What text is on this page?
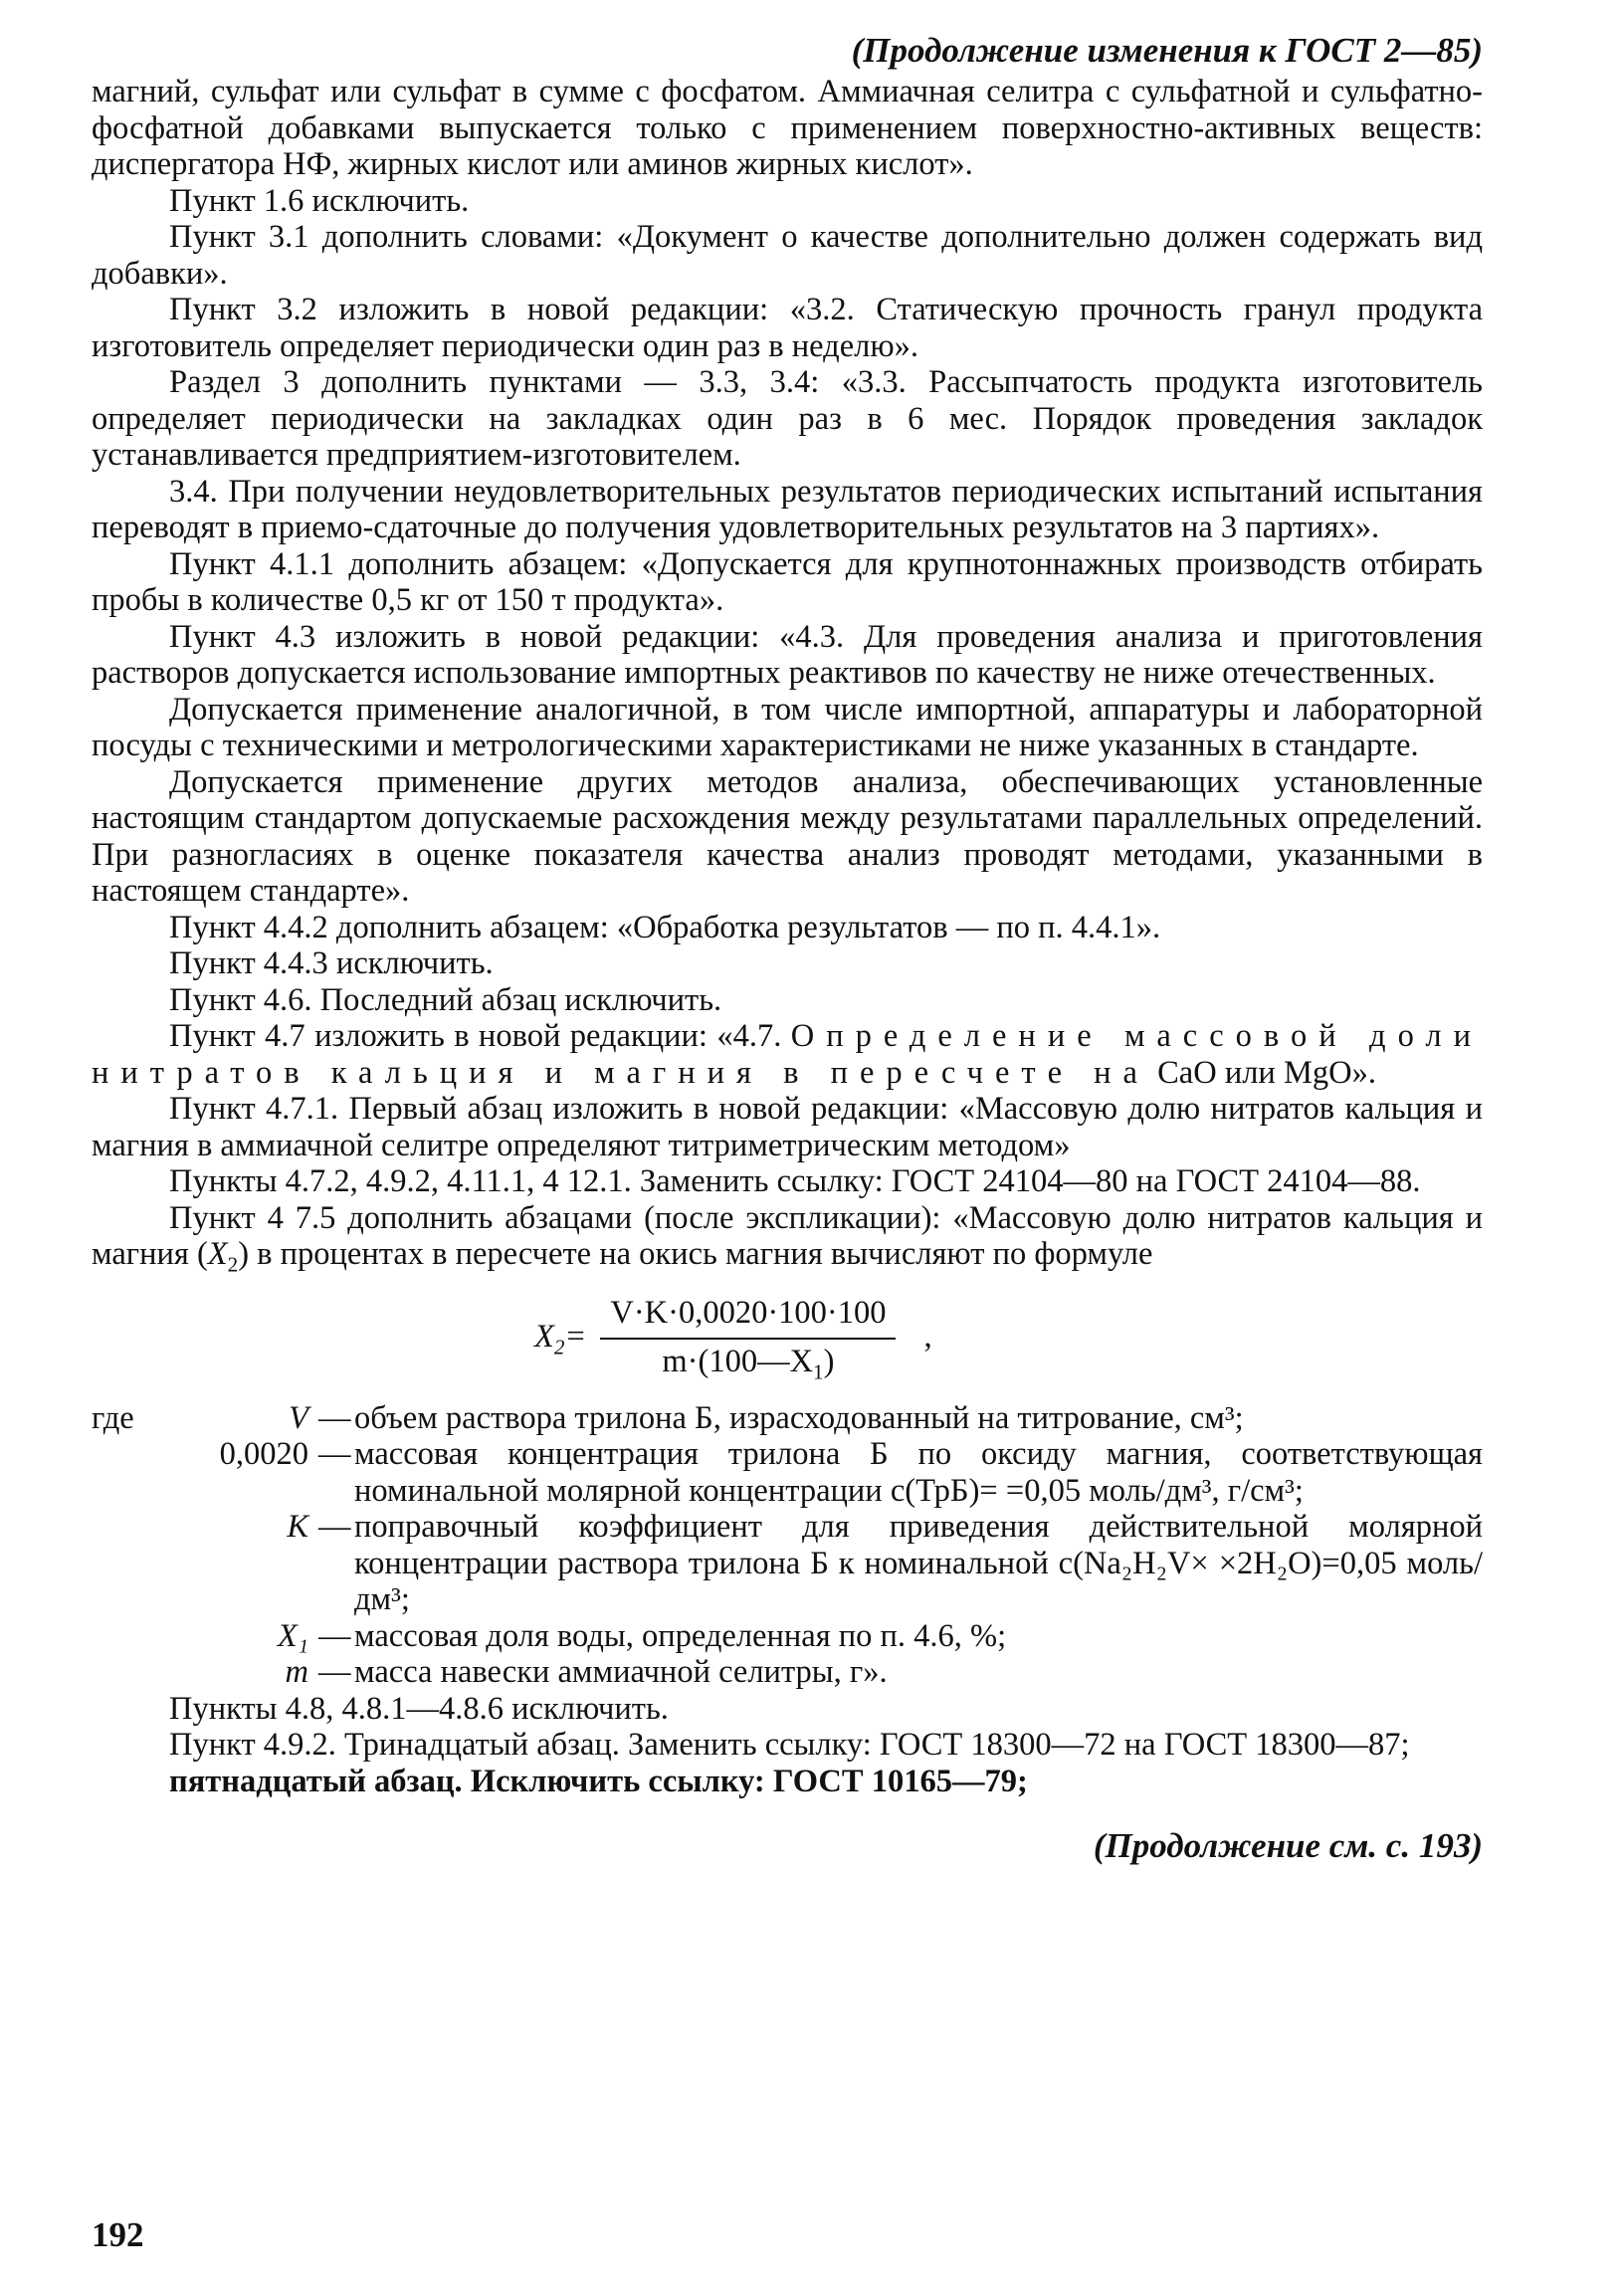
(Продолжение изменения к ГОСТ 2—85)

магний, сульфат или сульфат в сумме с фосфатом. Аммиачная селитра с сульфатной и сульфатно-фосфатной добавками выпускается только с применением поверхностно-активных веществ: диспергатора НФ, жирных кислот или аминов жирных кислот».

Пункт 1.6 исключить.

Пункт 3.1 дополнить словами: «Документ о качестве дополнительно должен содержать вид добавки».

Пункт 3.2 изложить в новой редакции: «3.2. Статическую прочность гранул продукта изготовитель определяет периодически один раз в неделю».

Раздел 3 дополнить пунктами — 3.3, 3.4: «3.3. Рассыпчатость продукта изготовитель определяет периодически на закладках один раз в 6 мес. Порядок проведения закладок устанавливается предприятием-изготовителем.

3.4. При получении неудовлетворительных результатов периодических испытаний испытания переводят в приемо-сдаточные до получения удовлетворительных результатов на 3 партиях».

Пункт 4.1.1 дополнить абзацем: «Допускается для крупнотоннажных производств отбирать пробы в количестве 0,5 кг от 150 т продукта».

Пункт 4.3 изложить в новой редакции: «4.3. Для проведения анализа и приготовления растворов допускается использование импортных реактивов по качеству не ниже отечественных.

Допускается применение аналогичной, в том числе импортной, аппаратуры и лабораторной посуды с техническими и метрологическими характеристиками не ниже указанных в стандарте.

Допускается применение других методов анализа, обеспечивающих установленные настоящим стандартом допускаемые расхождения между результатами параллельных определений. При разногласиях в оценке показателя качества анализ проводят методами, указанными в настоящем стандарте».

Пункт 4.4.2 дополнить абзацем: «Обработка результатов — по п. 4.4.1».

Пункт 4.4.3 исключить.

Пункт 4.6. Последний абзац исключить.

Пункт 4.7 изложить в новой редакции: «4.7. Определение массовой доли нитратов кальция и магния в пересчете на CaO или MgO».

Пункт 4.7.1. Первый абзац изложить в новой редакции: «Массовую долю нитратов кальция и магния в аммиачной селитре определяют титриметрическим методом»

Пункты 4.7.2, 4.9.2, 4.11.1, 4 12.1. Заменить ссылку: ГОСТ 24104—80 на ГОСТ 24104—88.

Пункт 4 7.5 дополнить абзацами (после экспликации): «Массовую долю нитратов кальция и магния $(X_2)$ в процентах в пересчете на окись магния вычисляют по формуле

$X_2= \frac{V\cdot K\cdot 0,0020\cdot 100\cdot 100}{m\cdot(100—X_1)}$ ,
где	V — объем раствора трилона Б, израсходованный на титрование, см³;
0,0020 — массовая концентрация трилона Б по оксиду магния, соответствующая номинальной молярной концентрации c(ТрБ)= =0,05 моль/дм³, г/см³;
K — поправочный коэффициент для приведения действительной молярной концентрации раствора трилона Б к номинальной c(Na₂H₂V× ×2H₂O)=0,05 моль/дм³;
X₁ — массовая доля воды, определенная по п. 4.6, %;
m — масса навески аммиачной селитры, г».

Пункты 4.8, 4.8.1—4.8.6 исключить.

Пункт 4.9.2. Тринадцатый абзац. Заменить ссылку: ГОСТ 18300—72 на ГОСТ 18300—87;

пятнадцатый абзац. Исключить ссылку: ГОСТ 10165—79;

(Продолжение см. с. 193)
192
